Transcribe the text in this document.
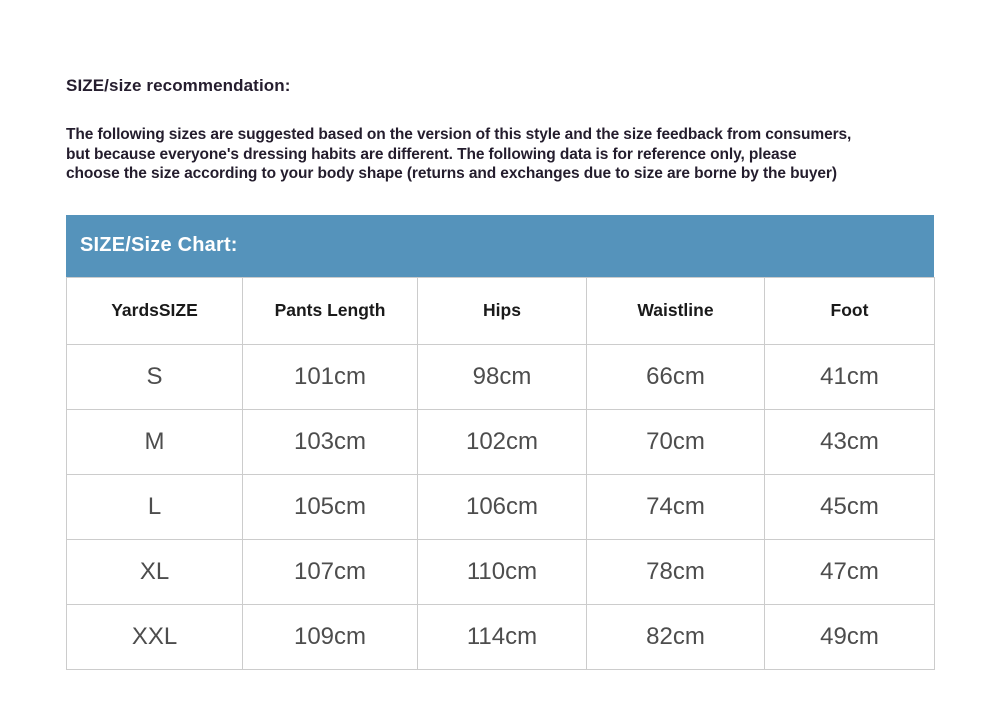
SIZE/size recommendation:

The following sizes are suggested based on the version of this style and the size feedback from consumers,
but because everyone's dressing habits are different. The following data is for reference only, please
choose the size according to your body shape (returns and exchanges due to size are borne by the buyer)

SIZE/Size Chart:
YardsSIZE	Pants Length	Hips	Waistline	Foot
S	101cm	98cm	66cm	41cm
M	103cm	102cm	70cm	43cm
L	105cm	106cm	74cm	45cm
XL	107cm	110cm	78cm	47cm
XXL	109cm	114cm	82cm	49cm
